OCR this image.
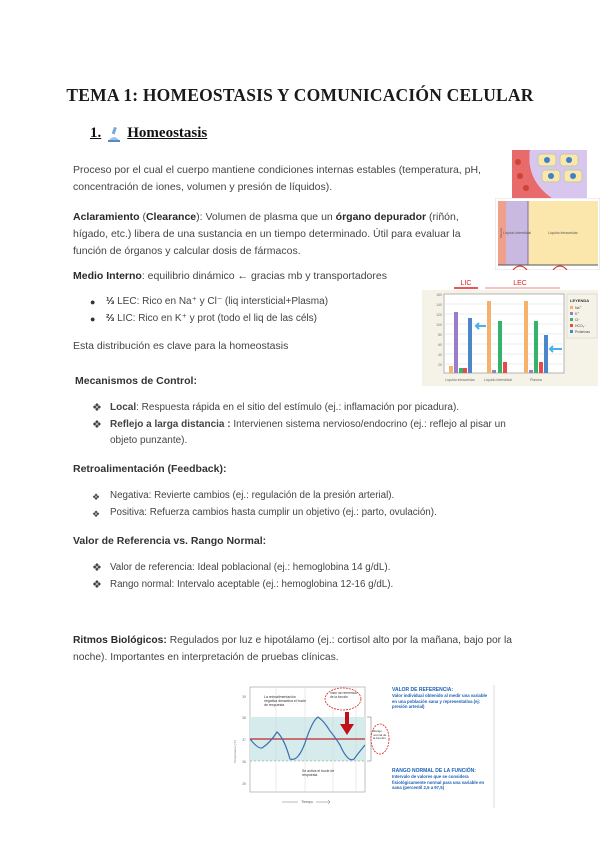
TEMA 1: HOMEOSTASIS Y COMUNICACIÓN CELULAR
1. Homeostasis
Proceso por el cual el cuerpo mantiene condiciones internas estables (temperatura, pH, concentración de iones, volumen y presión de líquidos).
Aclaramiento (Clearance): Volumen de plasma que un órgano depurador (riñón, hígado, etc.) libera de una sustancia en un tiempo determinado. Útil para evaluar la función de órganos y calcular dosis de fármacos.
Medio Interno: equilibrio dinámico ← gracias mb y transportadores
●	⅓ LEC: Rico en Na⁺ y Cl⁻ (liq intersticial+Plasma)
●	⅔ LIC: Rico en K⁺ y prot (todo el liq de las céls)
Esta distribución es clave para la homeostasis
Mecanismos de Control:
❖ Local: Respuesta rápida en el sitio del estímulo (ej.: inflamación por picadura).
❖ Reflejo a larga distancia : Intervienen sistema nervioso/endocrino (ej.: reflejo al pisar un objeto punzante).
Retroalimentación (Feedback):
❖ Negativa: Revierte cambios (ej.: regulación de la presión arterial).
❖ Positiva: Refuerza cambios hasta cumplir un objetivo (ej.: parto, ovulación).
Valor de Referencia vs. Rango Normal:
❖ Valor de referencia: Ideal poblacional (ej.: hemoglobina 14 g/dL).
❖ Rango normal: Intervalo aceptable (ej.: hemoglobina 12-16 g/dL).
Ritmos Biológicos: Regulados por luz e hipotálamo (ej.: cortisol alto por la mañana, bajo por la noche). Importantes en interpretación de pruebas clínicas.
Líquido intersticial	Líquido intracelular
Plasma
LIC	LEC
160
140
120
100
80
60
40
20
Líquido intracelular	Líquido intersticial	Plasma
LEYENDA
Na⁺
K⁺
Cl⁻
HCO₃⁻
Proteínas
39
38
37
36
35
Temperatura (°C)
Tiempo
La retroalimentación negativa desactiva el bucle de respuesta
Se activa el bucle de respuesta
Valor de referencia de la función
Rango normal de la función
VALOR DE REFERENCIA:
Valor individual obtenido al medir una variable en una población sana y representativa (ej: presión arterial)
RANGO NORMAL DE LA FUNCIÓN:
Intervalo de valores que se considera fisiológicamente normal para una variable en sana (percentil 2,5 a 97,5)
